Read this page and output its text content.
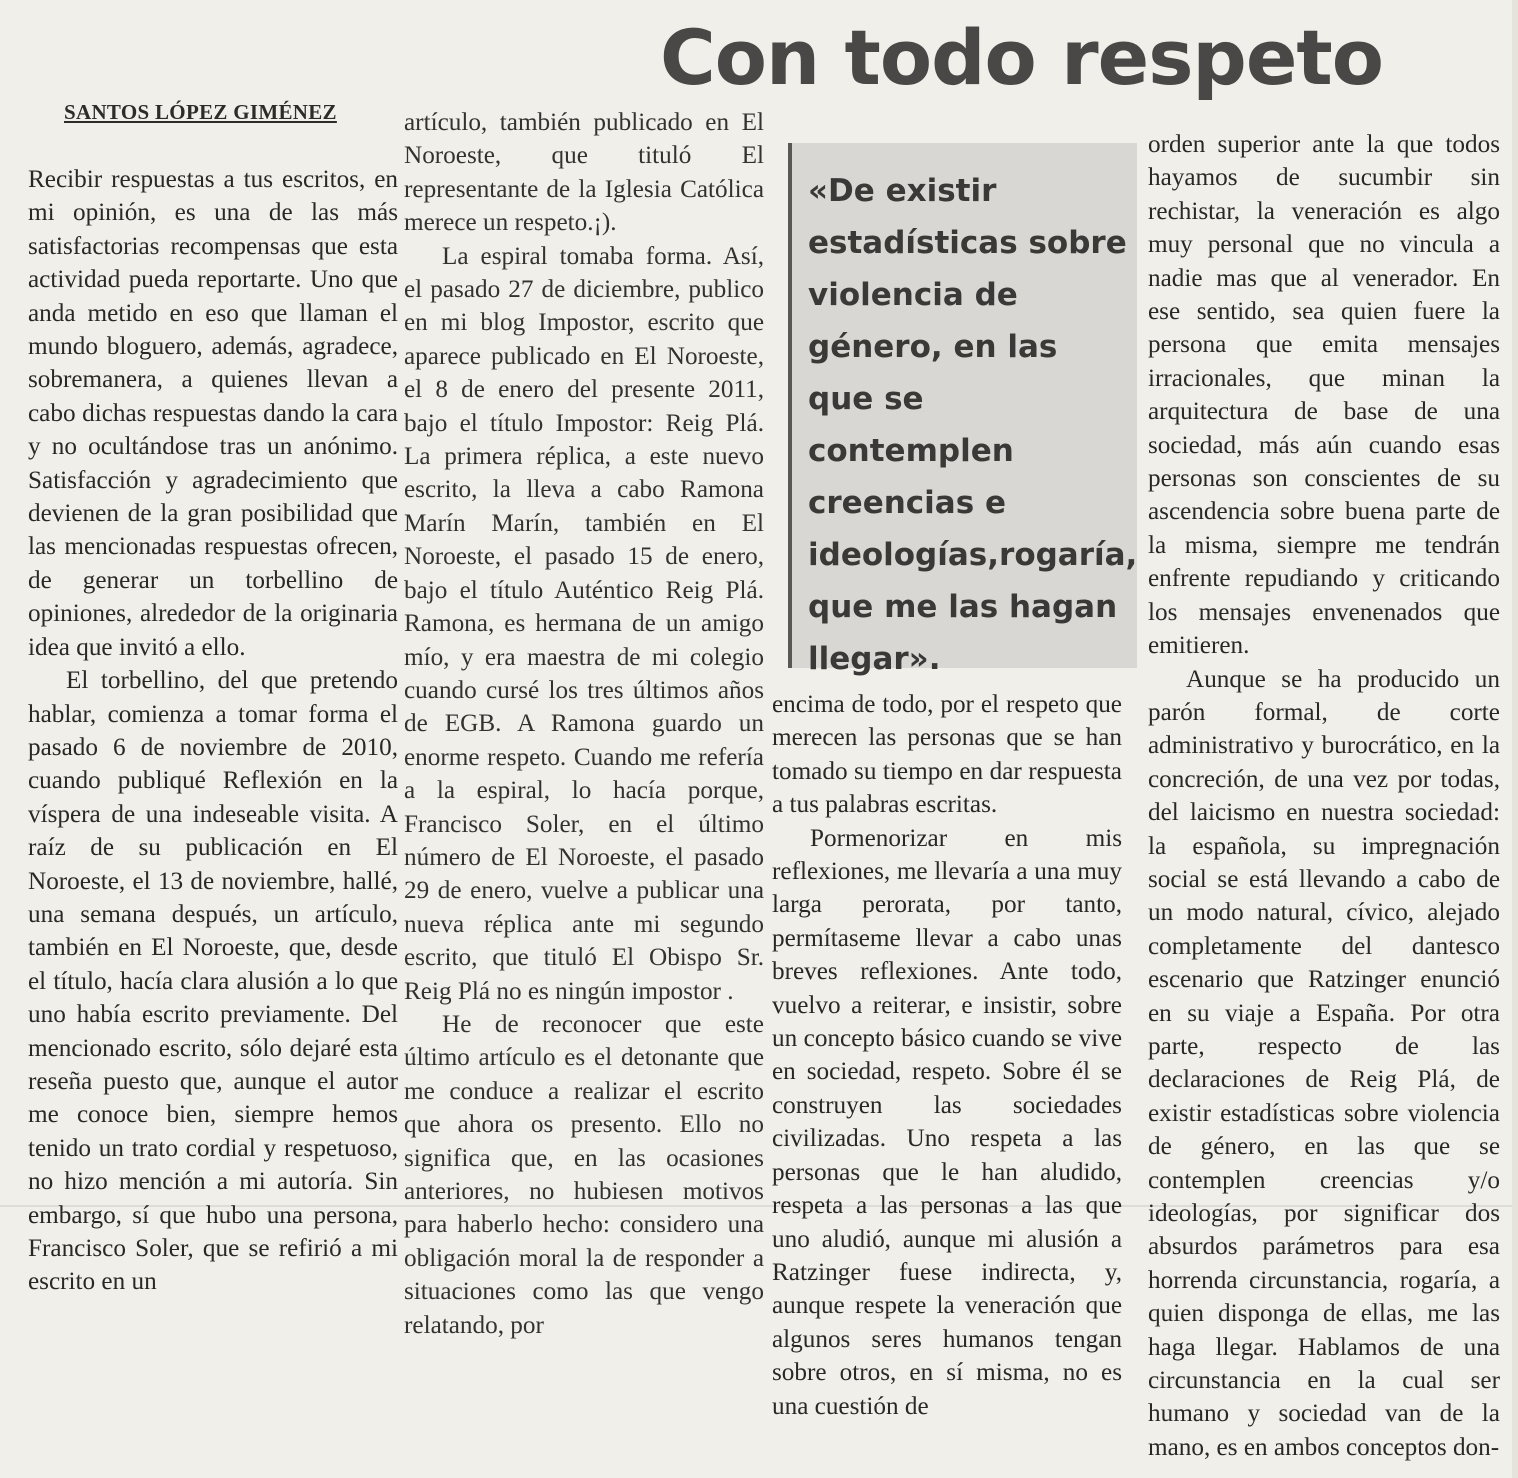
Con todo respeto
SANTOS LÓPEZ GIMÉNEZ

Recibir respuestas a tus escritos, en mi opinión, es una de las más satisfactorias recompensas que esta actividad pueda reportarte. Uno que anda metido en eso que llaman el mundo bloguero, además, agradece, sobremanera, a quienes llevan a cabo dichas respuestas dando la cara y no ocultándose tras un anónimo. Satisfacción y agradecimiento que devienen de la gran posibilidad que las mencionadas respuestas ofrecen, de generar un torbellino de opiniones, alrededor de la originaria idea que invitó a ello.

El torbellino, del que pretendo hablar, comienza a tomar forma el pasado 6 de noviembre de 2010, cuando publiqué Reflexión en la víspera de una indeseable visita. A raíz de su publicación en El Noroeste, el 13 de noviembre, hallé, una semana después, un artículo, también en El Noroeste, que, desde el título, hacía clara alusión a lo que uno había escrito previamente. Del mencionado escrito, sólo dejaré esta reseña puesto que, aunque el autor me conoce bien, siempre hemos tenido un trato cordial y respetuoso, no hizo mención a mi autoría. Sin embargo, sí que hubo una persona, Francisco Soler, que se refirió a mi escrito en un

artículo, también publicado en El Noroeste, que tituló El representante de la Iglesia Católica merece un respeto.¡).

La espiral tomaba forma. Así, el pasado 27 de diciembre, publico en mi blog Impostor, escrito que aparece publicado en El Noroeste, el 8 de enero del presente 2011, bajo el título Impostor: Reig Plá. La primera réplica, a este nuevo escrito, la lleva a cabo Ramona Marín Marín, también en El Noroeste, el pasado 15 de enero, bajo el título Auténtico Reig Plá. Ramona, es hermana de un amigo mío, y era maestra de mi colegio cuando cursé los tres últimos años de EGB. A Ramona guardo un enorme respeto. Cuando me refería a la espiral, lo hacía porque, Francisco Soler, en el último número de El Noroeste, el pasado 29 de enero, vuelve a publicar una nueva réplica ante mi segundo escrito, que tituló El Obispo Sr. Reig Plá no es ningún impostor .

He de reconocer que este último artículo es el detonante que me conduce a realizar el escrito que ahora os presento. Ello no significa que, en las ocasiones anteriores, no hubiesen motivos para haberlo hecho: considero una obligación moral la de responder a situaciones como las que vengo relatando, por

«De existir estadísticas sobre violencia de género, en las que se contemplen creencias e ideologías,rogaría, que me las hagan llegar».

encima de todo, por el respeto que merecen las personas que se han tomado su tiempo en dar respuesta a tus palabras escritas.

Pormenorizar en mis reflexiones, me llevaría a una muy larga perorata, por tanto, permítaseme llevar a cabo unas breves reflexiones. Ante todo, vuelvo a reiterar, e insistir, sobre un concepto básico cuando se vive en sociedad, respeto. Sobre él se construyen las sociedades civilizadas. Uno respeta a las personas que le han aludido, respeta a las personas a las que uno aludió, aunque mi alusión a Ratzinger fuese indirecta, y, aunque respete la veneración que algunos seres humanos tengan sobre otros, en sí misma, no es una cuestión de

orden superior ante la que todos hayamos de sucumbir sin rechistar, la veneración es algo muy personal que no vincula a nadie mas que al venerador. En ese sentido, sea quien fuere la persona que emita mensajes irracionales, que minan la arquitectura de base de una sociedad, más aún cuando esas personas son conscientes de su ascendencia sobre buena parte de la misma, siempre me tendrán enfrente repudiando y criticando los mensajes envenenados que emitieren.

Aunque se ha producido un parón formal, de corte administrativo y burocrático, en la concreción, de una vez por todas, del laicismo en nuestra sociedad: la española, su impregnación social se está llevando a cabo de un modo natural, cívico, alejado completamente del dantesco escenario que Ratzinger enunció en su viaje a España. Por otra parte, respecto de las declaraciones de Reig Plá, de existir estadísticas sobre violencia de género, en las que se contemplen creencias y/o ideologías, por significar dos absurdos parámetros para esa horrenda circunstancia, rogaría, a quien disponga de ellas, me las haga llegar. Hablamos de una circunstancia en la cual ser humano y sociedad van de la mano, es en ambos conceptos don-
